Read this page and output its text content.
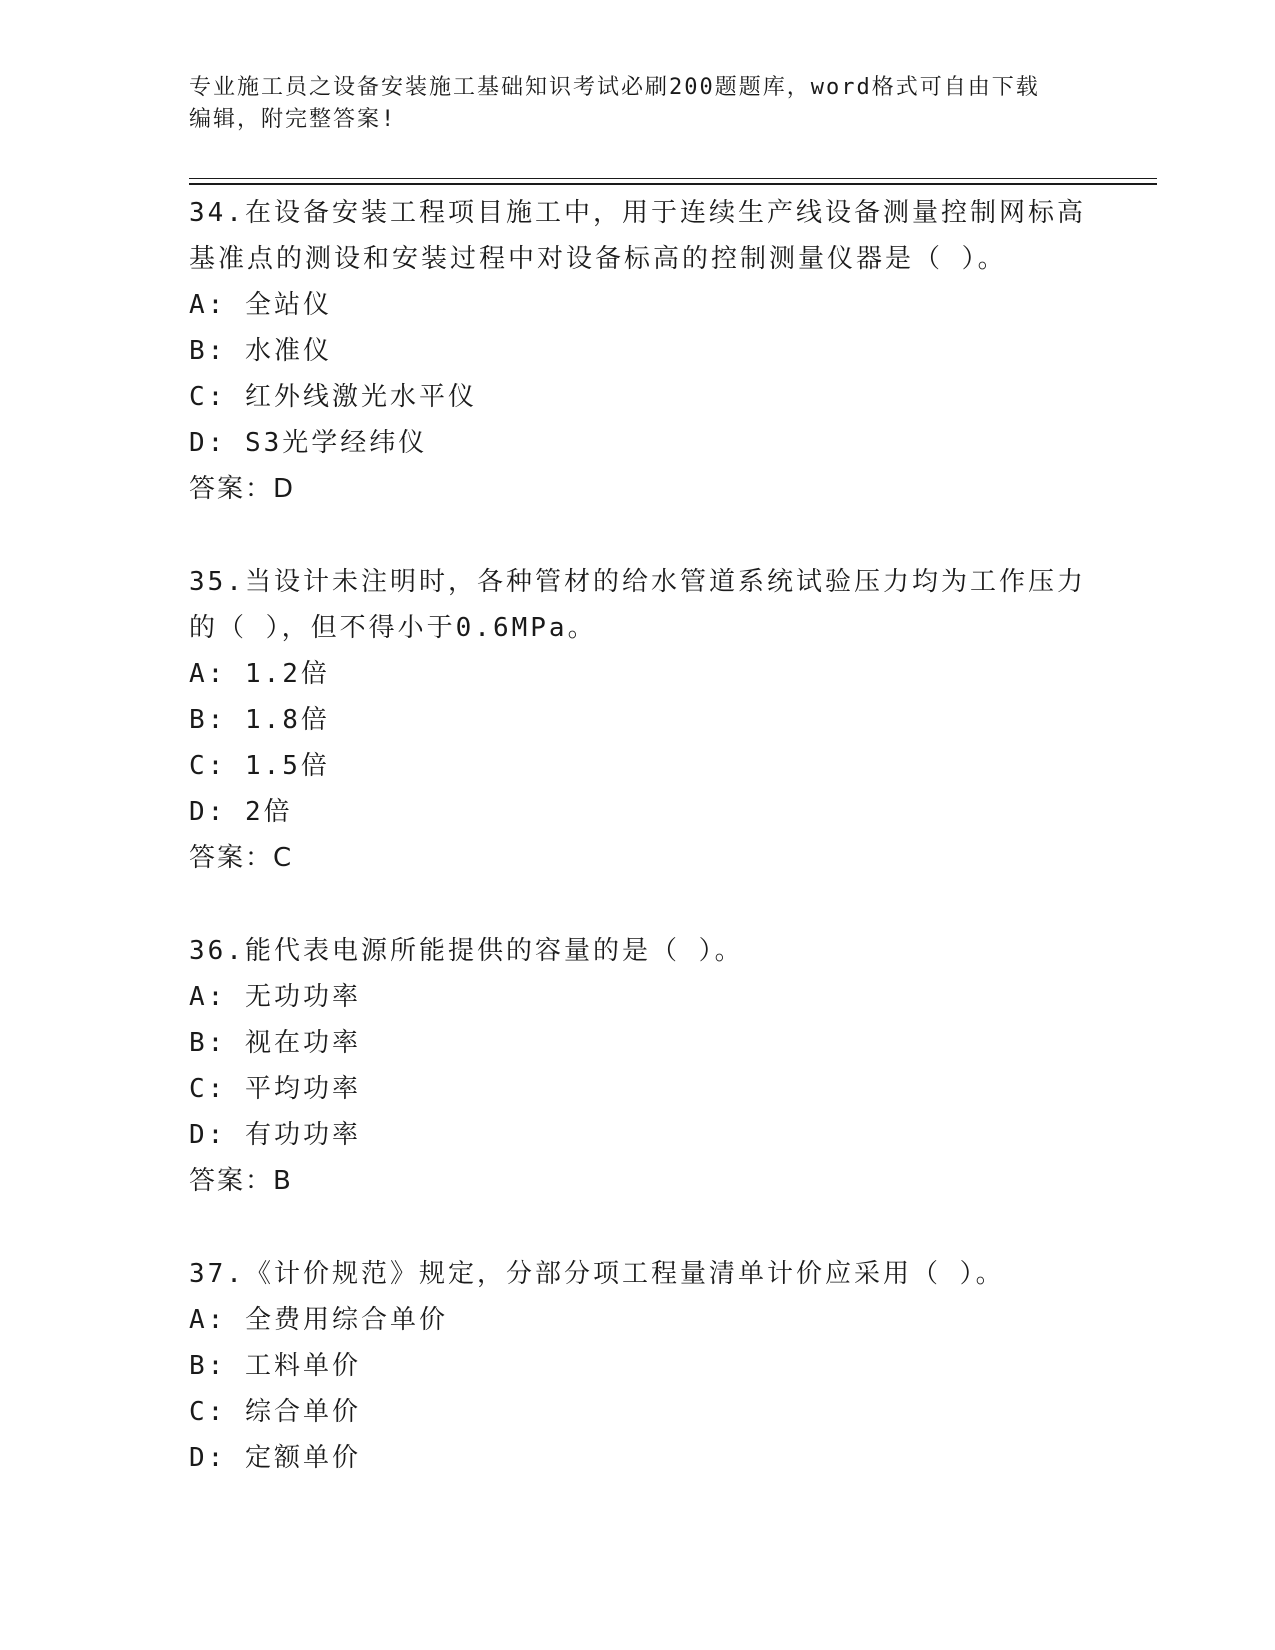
专业施工员之设备安装施工基础知识考试必刷200题题库，word格式可自由下载
编辑，附完整答案!
34.在设备安装工程项目施工中，用于连续生产线设备测量控制网标高基准点的测设和安装过程中对设备标高的控制测量仪器是（ ）。
A: 全站仪
B: 水准仪
C: 红外线激光水平仪
D: S3光学经纬仪
答案：D
35.当设计未注明时，各种管材的给水管道系统试验压力均为工作压力的（ ），但不得小于0.6MPa。
A: 1.2倍
B: 1.8倍
C: 1.5倍
D: 2倍
答案：C
36.能代表电源所能提供的容量的是（ ）。
A: 无功功率
B: 视在功率
C: 平均功率
D: 有功功率
答案：B
37.《计价规范》规定，分部分项工程量清单计价应采用（ ）。
A: 全费用综合单价
B: 工料单价
C: 综合单价
D: 定额单价
